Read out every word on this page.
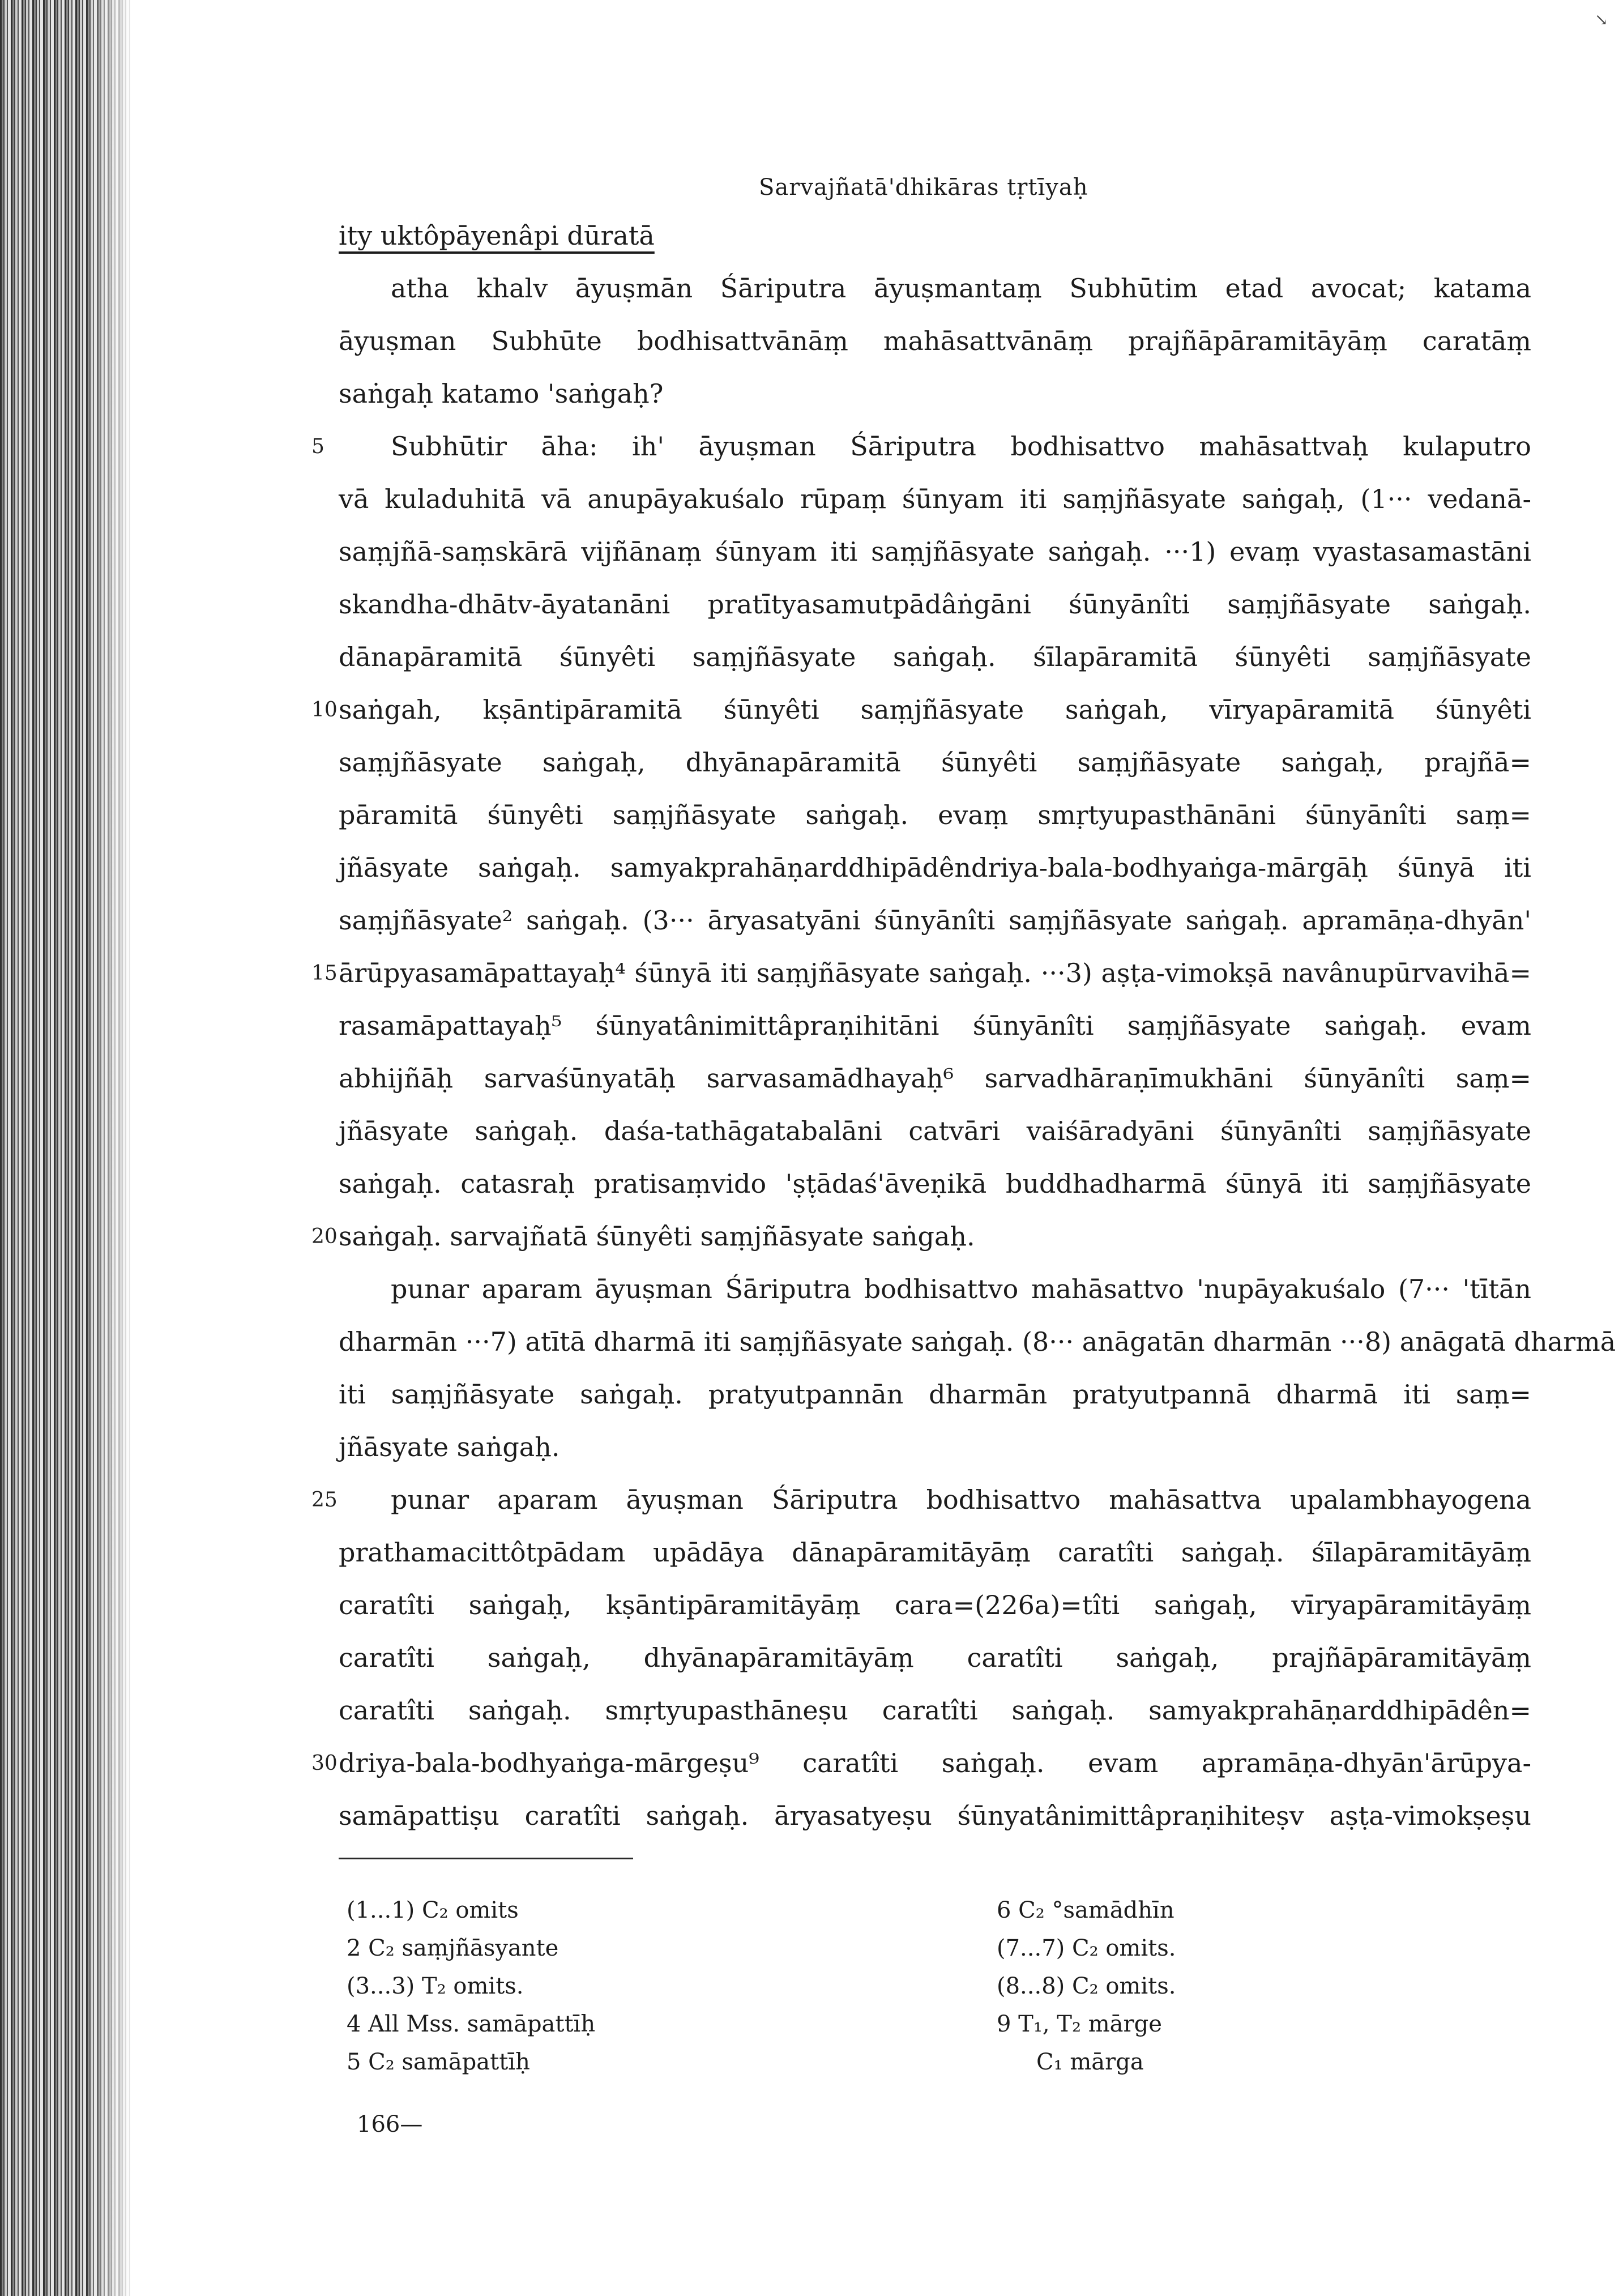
↘
Sarvajñatā'dhikāras tṛtīyaḥ
ity uktôpāyenâpi dūratā
atha khalv āyuṣmān Śāriputra āyuṣmantaṃ Subhūtim etad avocat; katama
āyuṣman Subhūte bodhisattvānāṃ mahāsattvānāṃ prajñāpāramitāyāṃ caratāṃ
saṅgaḥ katamo 'saṅgaḥ?
5	Subhūtir āha: ih' āyuṣman Śāriputra bodhisattvo mahāsattvaḥ kulaputro
vā kuladuhitā vā anupāyakuśalo rūpaṃ śūnyam iti saṃjñāsyate saṅgaḥ, (1··· vedanā-
saṃjñā-saṃskārā vijñānaṃ śūnyam iti saṃjñāsyate saṅgaḥ. ···1) evaṃ vyastasamastāni
skandha-dhātv-āyatanāni pratītyasamutpādâṅgāni śūnyānîti saṃjñāsyate saṅgaḥ.
dānapāramitā śūnyêti saṃjñāsyate saṅgaḥ. śīlapāramitā śūnyêti saṃjñāsyate
10 saṅgah, kṣāntipāramitā śūnyêti saṃjñāsyate saṅgah, vīryapāramitā śūnyêti
saṃjñāsyate saṅgaḥ, dhyānapāramitā śūnyêti saṃjñāsyate saṅgaḥ, prajñā=
pāramitā śūnyêti saṃjñāsyate saṅgaḥ. evaṃ smṛtyupasthānāni śūnyānîti saṃ=
jñāsyate saṅgaḥ. samyakprahāṇarddhipādêndriya-bala-bodhyaṅga-mārgāḥ śūnyā iti
saṃjñāsyate² saṅgaḥ. (3··· āryasatyāni śūnyānîti saṃjñāsyate saṅgaḥ. apramāṇa-dhyān'
15 ārūpyasamāpattayaḥ⁴ śūnyā iti saṃjñāsyate saṅgaḥ. ···3) aṣṭa-vimokṣā navânupūrvavihā=
rasamāpattayaḥ⁵ śūnyatânimittâpraṇihitāni śūnyānîti saṃjñāsyate saṅgaḥ. evam
abhijñāḥ sarvaśūnyatāḥ sarvasamādhayaḥ⁶ sarvadhāraṇīmukhāni śūnyānîti saṃ=
jñāsyate saṅgaḥ. daśa-tathāgatabalāni catvāri vaiśāradyāni śūnyānîti saṃjñāsyate
saṅgaḥ. catasraḥ pratisaṃvido 'ṣṭādaś'āveṇikā buddhadharmā śūnyā iti saṃjñāsyate
20 saṅgaḥ. sarvajñatā śūnyêti saṃjñāsyate saṅgaḥ.
punar aparam āyuṣman Śāriputra bodhisattvo mahāsattvo 'nupāyakuśalo (7··· 'tītān
dharmān ···7) atītā dharmā iti saṃjñāsyate saṅgaḥ. (8··· anāgatān dharmān ···8) anāgatā dharmā
iti saṃjñāsyate saṅgaḥ. pratyutpannān dharmān pratyutpannā dharmā iti saṃ=
jñāsyate saṅgaḥ.
25	punar aparam āyuṣman Śāriputra bodhisattvo mahāsattva upalambhayogena
prathamacittôtpādam upādāya dānapāramitāyāṃ caratîti saṅgaḥ. śīlapāramitāyāṃ
caratîti saṅgaḥ, kṣāntipāramitāyāṃ cara=(226a)=tîti saṅgaḥ, vīryapāramitāyāṃ
caratîti saṅgaḥ, dhyānapāramitāyāṃ caratîti saṅgaḥ, prajñāpāramitāyāṃ
caratîti saṅgaḥ. smṛtyupasthāneṣu caratîti saṅgaḥ. samyakprahāṇarddhipādên=
30 driya-bala-bodhyaṅga-mārgeṣu⁹ caratîti saṅgaḥ. evam apramāṇa-dhyān'ārūpya-
samāpattiṣu caratîti saṅgaḥ. āryasatyeṣu śūnyatânimittâpraṇihiteṣv aṣṭa-vimokṣeṣu
(1...1) C₂ omits
2 C₂ saṃjñāsyante
(3...3) T₂ omits.
4 All Mss. samāpattīḥ
5 C₂ samāpattīḥ
6 C₂ °samādhīn
(7...7) C₂ omits.
(8...8) C₂ omits.
9 T₁, T₂ mārge
C₁ mārga
166—
